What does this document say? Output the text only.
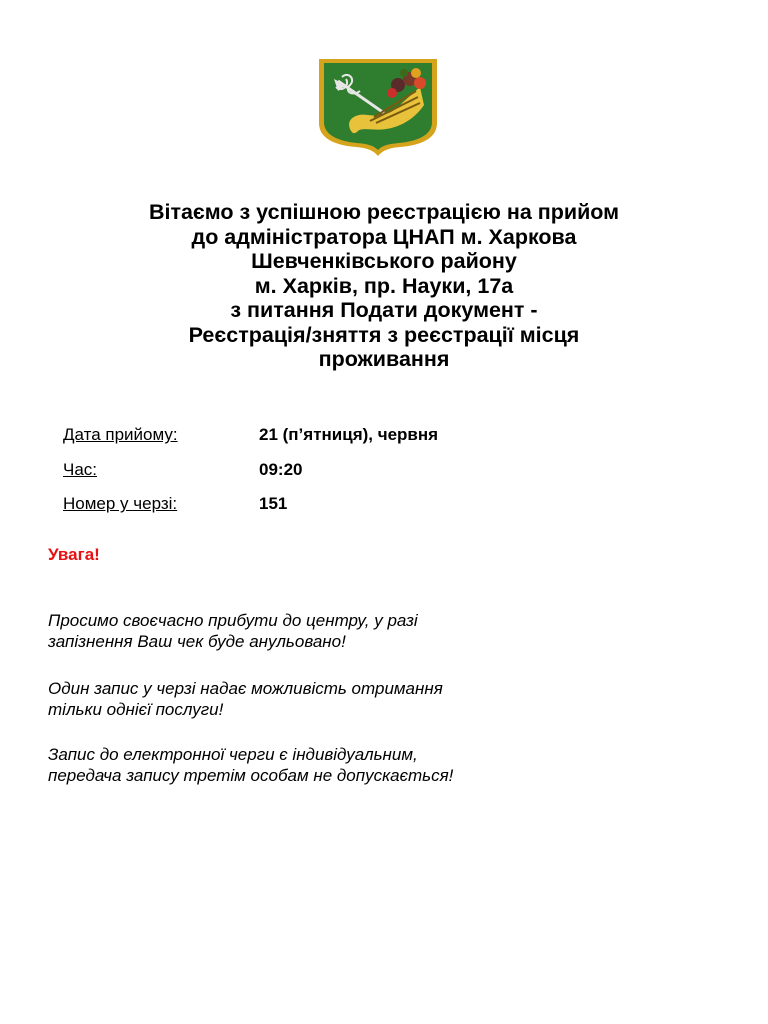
Вітаємо з успішною реєстрацією на прийом
до адміністратора ЦНАП м. Харкова
Шевченківського району
м. Харків, пр. Науки, 17а
з питання Подати документ -
Реєстрація/зняття з реєстрації місця
проживання
Дата прийому:	21 (п’ятниця), червня
Час:	09:20
Номер у черзі:	151
Увага!

Просимо своєчасно прибути до центру, у разі
запізнення Ваш чек буде анульовано!

Один запис у черзі надає можливість отримання
тільки однієї послуги!

Запис до електронної черги є індивідуальним,
передача запису третім особам не допускається!
